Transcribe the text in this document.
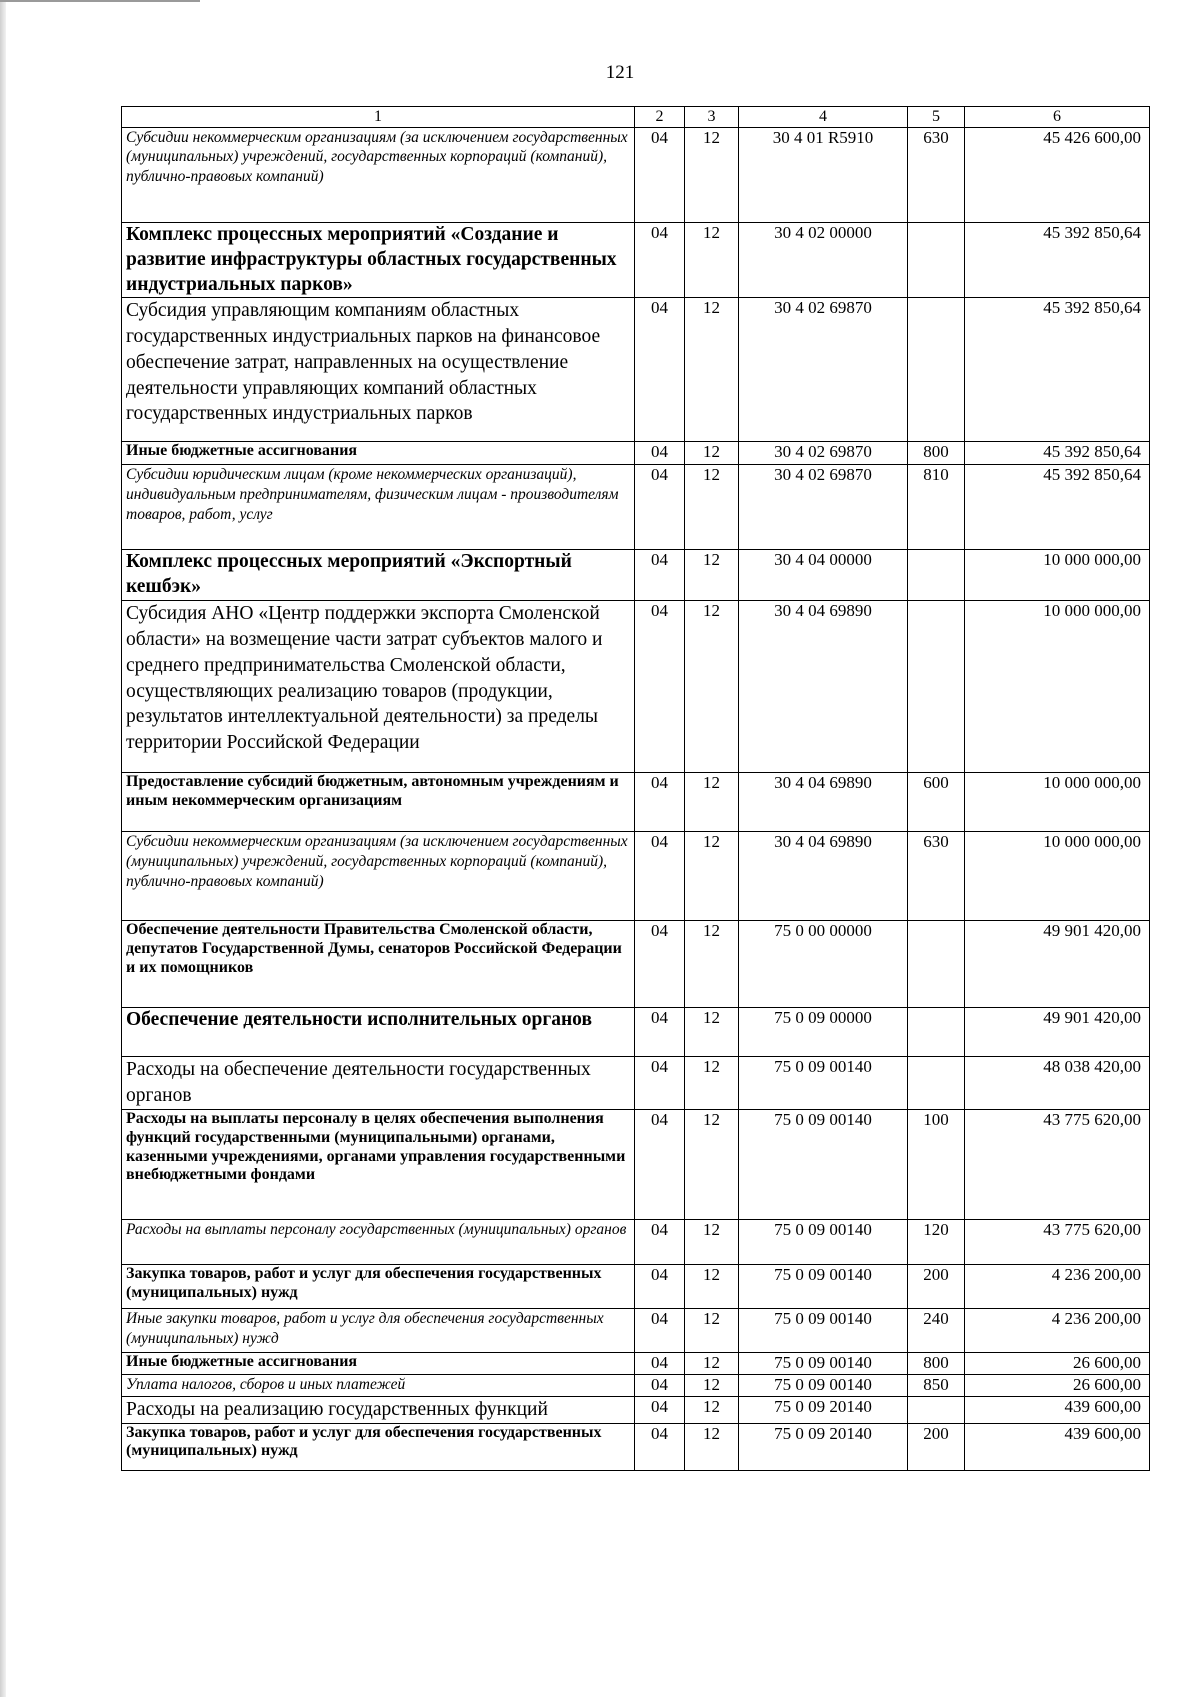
121
1	2	3	4	5	6
Субсидии некоммерческим организациям (за исключением государственных (муниципальных) учреждений, государственных корпораций (компаний), публично-правовых компаний)	04	12	30 4 01 R5910	630	45 426 600,00
Комплекс процессных мероприятий «Создание и развитие инфраструктуры областных государственных индустриальных парков»	04	12	30 4 02 00000		45 392 850,64
Субсидия управляющим компаниям областных государственных индустриальных парков на финансовое обеспечение затрат, направленных на осуществление деятельности управляющих компаний областных государственных индустриальных парков	04	12	30 4 02 69870		45 392 850,64
Иные бюджетные ассигнования	04	12	30 4 02 69870	800	45 392 850,64
Субсидии юридическим лицам (кроме некоммерческих организаций), индивидуальным предпринимателям, физическим лицам - производителям товаров, работ, услуг	04	12	30 4 02 69870	810	45 392 850,64
Комплекс процессных мероприятий «Экспортный кешбэк»	04	12	30 4 04 00000		10 000 000,00
Субсидия АНО «Центр поддержки экспорта Смоленской области» на возмещение части затрат субъектов малого и среднего предпринимательства Смоленской области, осуществляющих реализацию товаров (продукции, результатов интеллектуальной деятельности) за пределы территории Российской Федерации	04	12	30 4 04 69890		10 000 000,00
Предоставление субсидий бюджетным, автономным учреждениям и иным некоммерческим организациям	04	12	30 4 04 69890	600	10 000 000,00
Субсидии некоммерческим организациям (за исключением государственных (муниципальных) учреждений, государственных корпораций (компаний), публично-правовых компаний)	04	12	30 4 04 69890	630	10 000 000,00
Обеспечение деятельности Правительства Смоленской области, депутатов Государственной Думы, сенаторов Российской Федерации и их помощников	04	12	75 0 00 00000		49 901 420,00
Обеспечение деятельности исполнительных органов	04	12	75 0 09 00000		49 901 420,00
Расходы на обеспечение деятельности государственных органов	04	12	75 0 09 00140		48 038 420,00
Расходы на выплаты персоналу в целях обеспечения выполнения функций государственными (муниципальными) органами, казенными учреждениями, органами управления государственными внебюджетными фондами	04	12	75 0 09 00140	100	43 775 620,00
Расходы на выплаты персоналу государственных (муниципальных) органов	04	12	75 0 09 00140	120	43 775 620,00
Закупка товаров, работ и услуг для обеспечения государственных (муниципальных) нужд	04	12	75 0 09 00140	200	4 236 200,00
Иные закупки товаров, работ и услуг для обеспечения государственных (муниципальных) нужд	04	12	75 0 09 00140	240	4 236 200,00
Иные бюджетные ассигнования	04	12	75 0 09 00140	800	26 600,00
Уплата налогов, сборов и иных платежей	04	12	75 0 09 00140	850	26 600,00
Расходы на реализацию государственных функций	04	12	75 0 09 20140		439 600,00
Закупка товаров, работ и услуг для обеспечения государственных (муниципальных) нужд	04	12	75 0 09 20140	200	439 600,00
